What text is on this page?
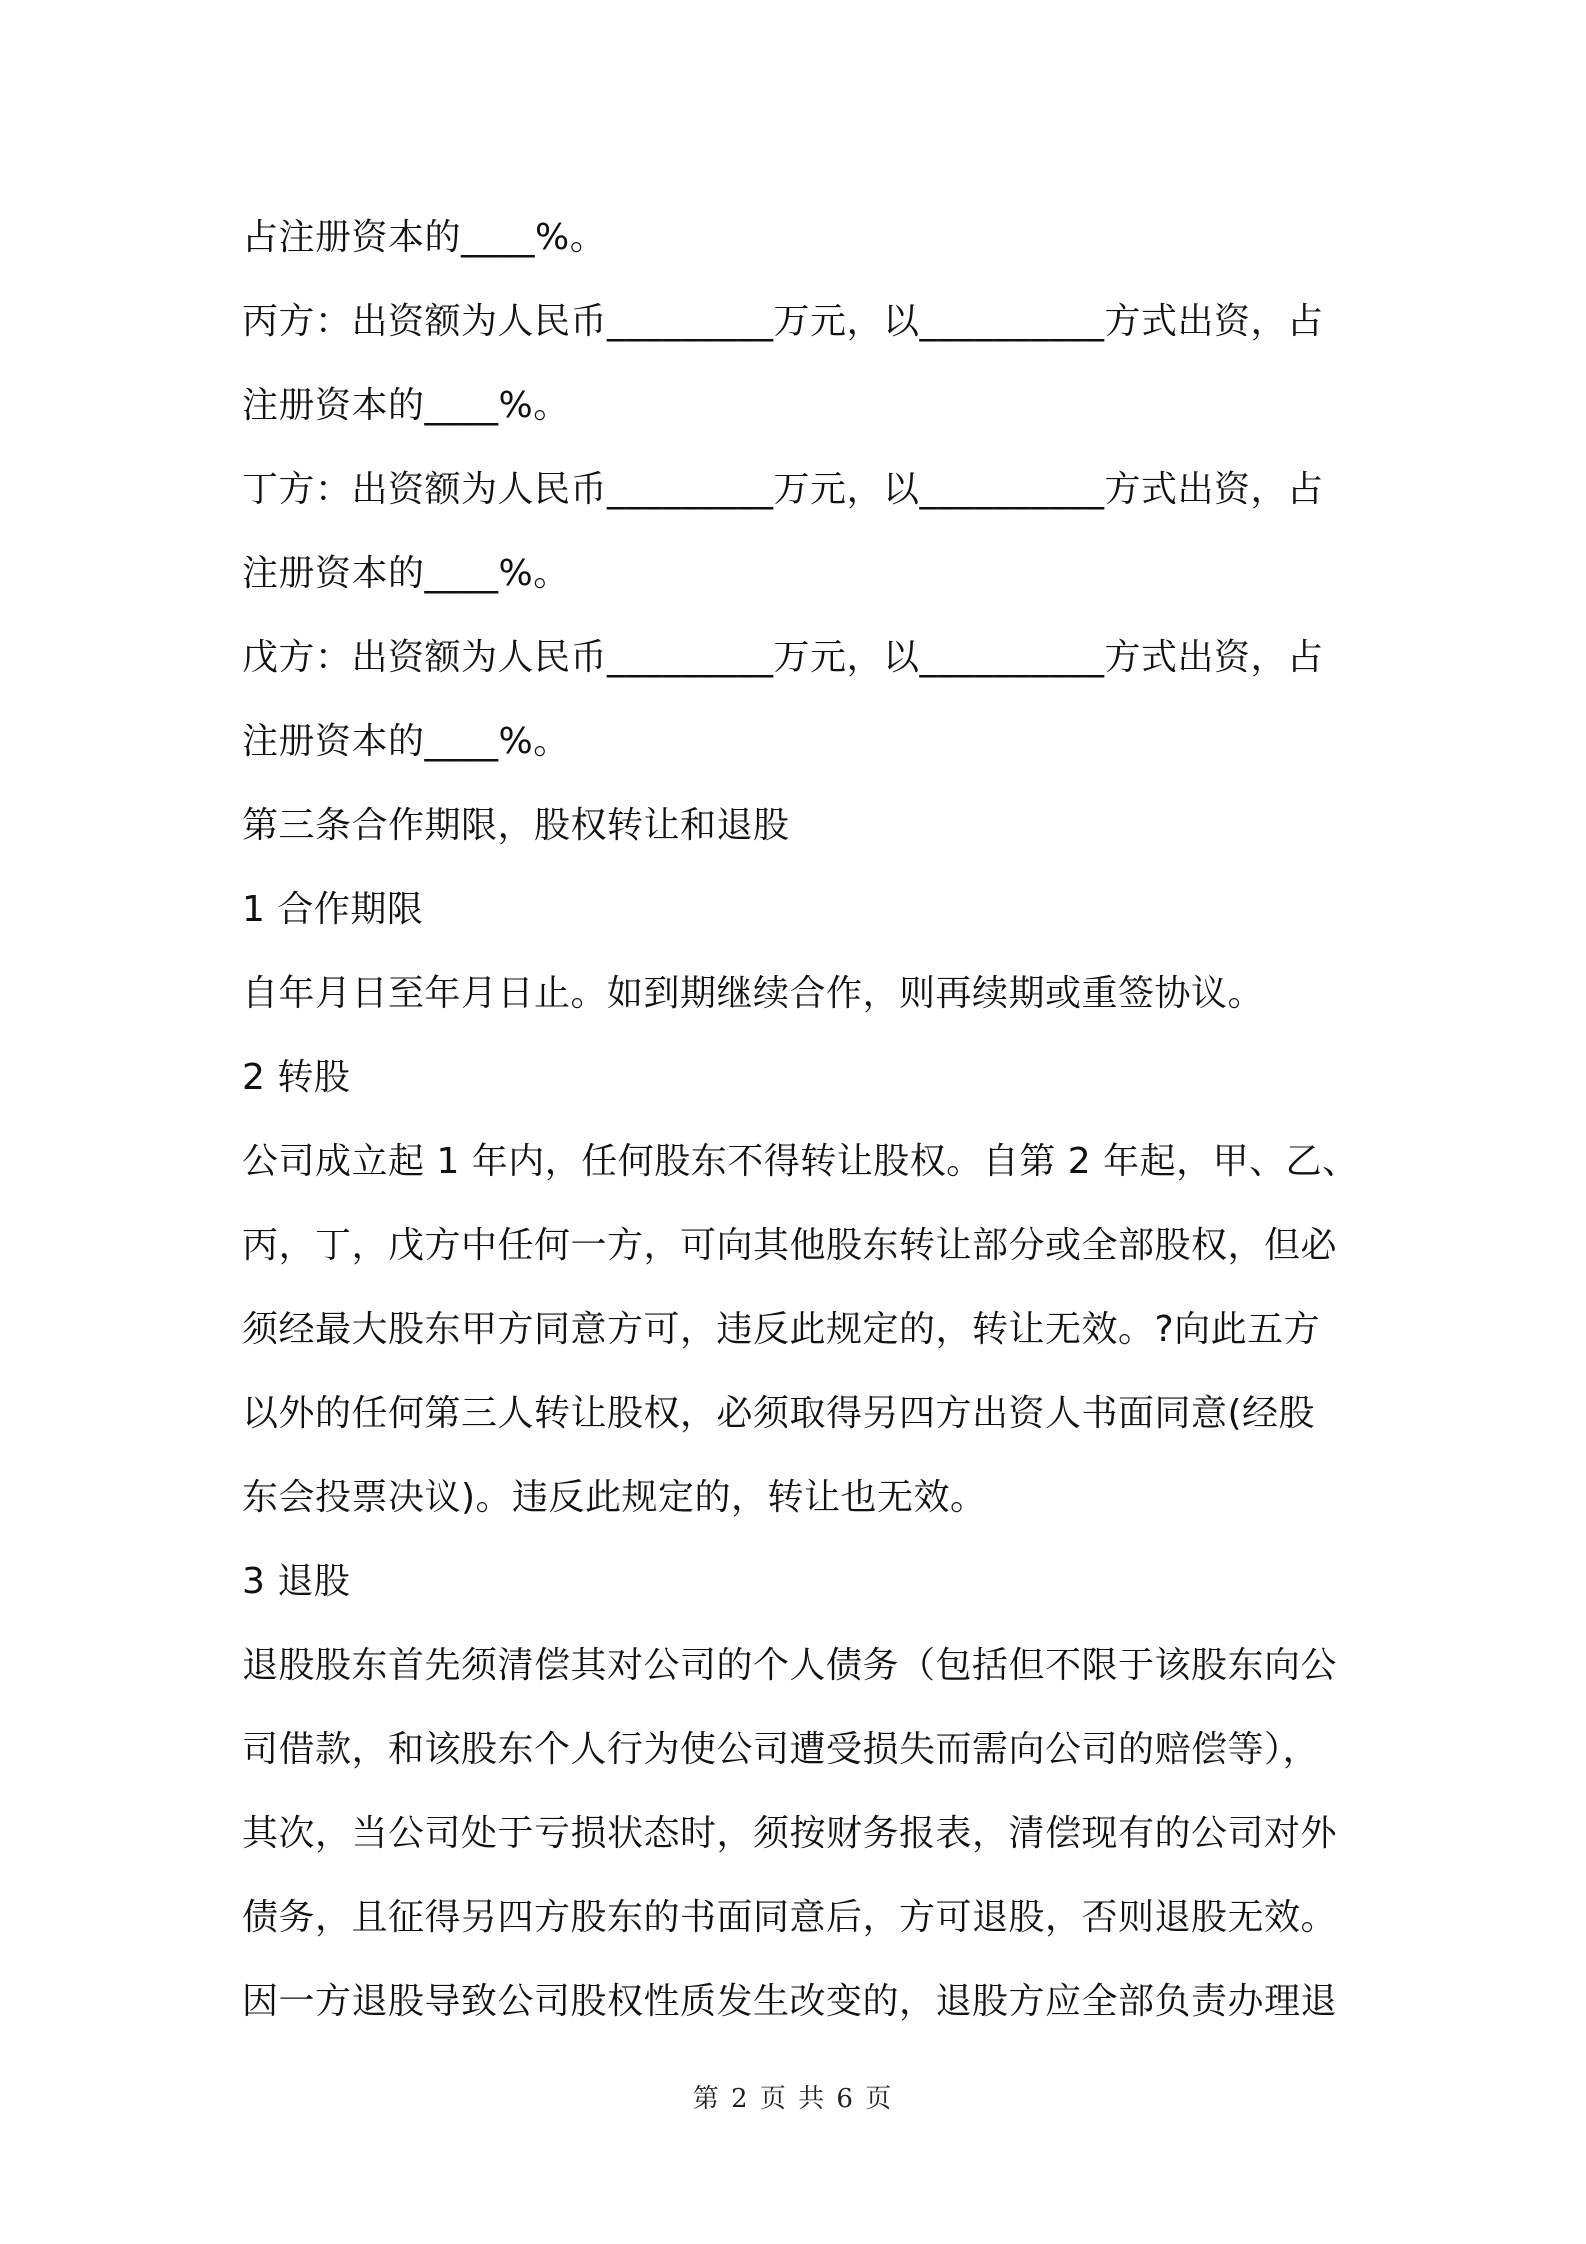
占注册资本的____%。
丙方：出资额为人民币_________万元，以__________方式出资，占
注册资本的____%。
丁方：出资额为人民币_________万元，以__________方式出资，占
注册资本的____%。
戊方：出资额为人民币_________万元，以__________方式出资，占
注册资本的____%。
第三条合作期限，股权转让和退股
1 合作期限
自年月日至年月日止。如到期继续合作，则再续期或重签协议。
2 转股
公司成立起 1 年内，任何股东不得转让股权。自第 2 年起，甲、乙、
丙，丁，戊方中任何一方，可向其他股东转让部分或全部股权，但必
须经最大股东甲方同意方可，违反此规定的，转让无效。?向此五方
以外的任何第三人转让股权，必须取得另四方出资人书面同意(经股
东会投票决议)。违反此规定的，转让也无效。
3 退股
退股股东首先须清偿其对公司的个人债务（包括但不限于该股东向公
司借款，和该股东个人行为使公司遭受损失而需向公司的赔偿等），
其次，当公司处于亏损状态时，须按财务报表，清偿现有的公司对外
债务，且征得另四方股东的书面同意后，方可退股，否则退股无效。
因一方退股导致公司股权性质发生改变的，退股方应全部负责办理退
第 2 页 共 6 页
